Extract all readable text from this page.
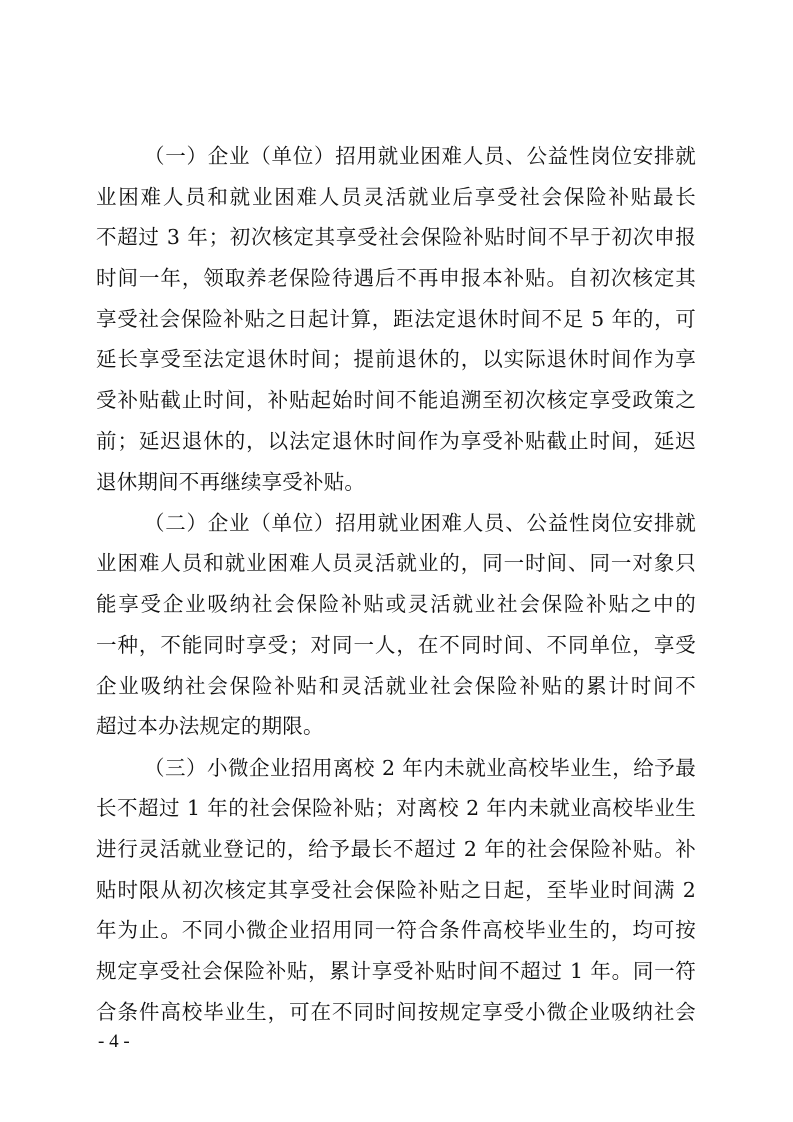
（一）企业（单位）招用就业困难人员、公益性岗位安排就
业困难人员和就业困难人员灵活就业后享受社会保险补贴最长
不超过 3 年；初次核定其享受社会保险补贴时间不早于初次申报
时间一年，领取养老保险待遇后不再申报本补贴。自初次核定其
享受社会保险补贴之日起计算，距法定退休时间不足 5 年的，可
延长享受至法定退休时间；提前退休的，以实际退休时间作为享
受补贴截止时间，补贴起始时间不能追溯至初次核定享受政策之
前；延迟退休的，以法定退休时间作为享受补贴截止时间，延迟
退休期间不再继续享受补贴。
（二）企业（单位）招用就业困难人员、公益性岗位安排就
业困难人员和就业困难人员灵活就业的，同一时间、同一对象只
能享受企业吸纳社会保险补贴或灵活就业社会保险补贴之中的
一种，不能同时享受；对同一人，在不同时间、不同单位，享受
企业吸纳社会保险补贴和灵活就业社会保险补贴的累计时间不
超过本办法规定的期限。
（三）小微企业招用离校 2 年内未就业高校毕业生，给予最
长不超过 1 年的社会保险补贴；对离校 2 年内未就业高校毕业生
进行灵活就业登记的，给予最长不超过 2 年的社会保险补贴。补
贴时限从初次核定其享受社会保险补贴之日起，至毕业时间满 2
年为止。不同小微企业招用同一符合条件高校毕业生的，均可按
规定享受社会保险补贴，累计享受补贴时间不超过 1 年。同一符
合条件高校毕业生，可在不同时间按规定享受小微企业吸纳社会
- 4 -
